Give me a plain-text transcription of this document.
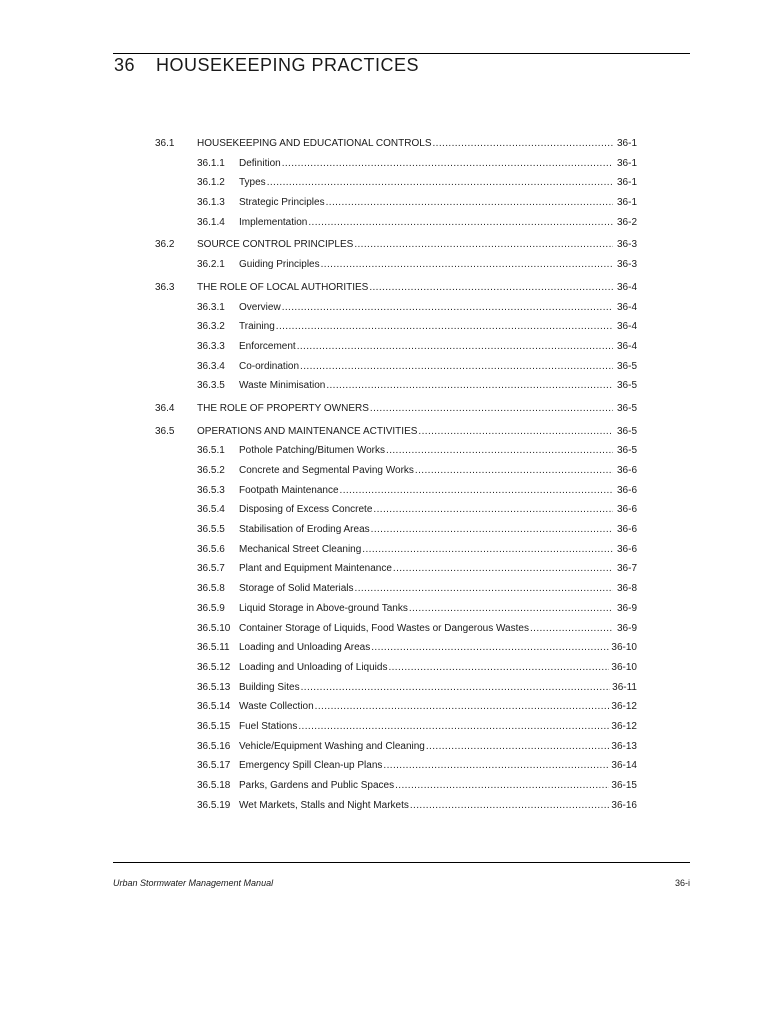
36 HOUSEKEEPING PRACTICES
36.1	HOUSEKEEPING AND EDUCATIONAL CONTROLS .....	36-1
36.1.1	Definition .....	36-1
36.1.2	Types .....	36-1
36.1.3	Strategic Principles .....	36-1
36.1.4	Implementation .....	36-2
36.2	SOURCE CONTROL PRINCIPLES .....	36-3
36.2.1	Guiding Principles .....	36-3
36.3	THE ROLE OF LOCAL AUTHORITIES .....	36-4
36.3.1	Overview .....	36-4
36.3.2	Training .....	36-4
36.3.3	Enforcement .....	36-4
36.3.4	Co-ordination .....	36-5
36.3.5	Waste Minimisation .....	36-5
36.4	THE ROLE OF PROPERTY OWNERS .....	36-5
36.5	OPERATIONS AND MAINTENANCE ACTIVITIES .....	36-5
36.5.1	Pothole Patching/Bitumen Works .....	36-5
36.5.2	Concrete and Segmental Paving Works .....	36-6
36.5.3	Footpath Maintenance .....	36-6
36.5.4	Disposing of Excess Concrete .....	36-6
36.5.5	Stabilisation of Eroding Areas .....	36-6
36.5.6	Mechanical Street Cleaning .....	36-6
36.5.7	Plant and Equipment Maintenance .....	36-7
36.5.8	Storage of Solid Materials .....	36-8
36.5.9	Liquid Storage in Above-ground Tanks .....	36-9
36.5.10 Container Storage of Liquids, Food Wastes or Dangerous Wastes .....	36-9
36.5.11 Loading and Unloading Areas .....	36-10
36.5.12 Loading and Unloading of Liquids .....	36-10
36.5.13 Building Sites .....	36-11
36.5.14 Waste Collection .....	36-12
36.5.15 Fuel Stations .....	36-12
36.5.16 Vehicle/Equipment Washing and Cleaning .....	36-13
36.5.17 Emergency Spill Clean-up Plans .....	36-14
36.5.18 Parks, Gardens and Public Spaces .....	36-15
36.5.19 Wet Markets, Stalls and Night Markets .....	36-16
Urban Stormwater Management Manual	36-i
